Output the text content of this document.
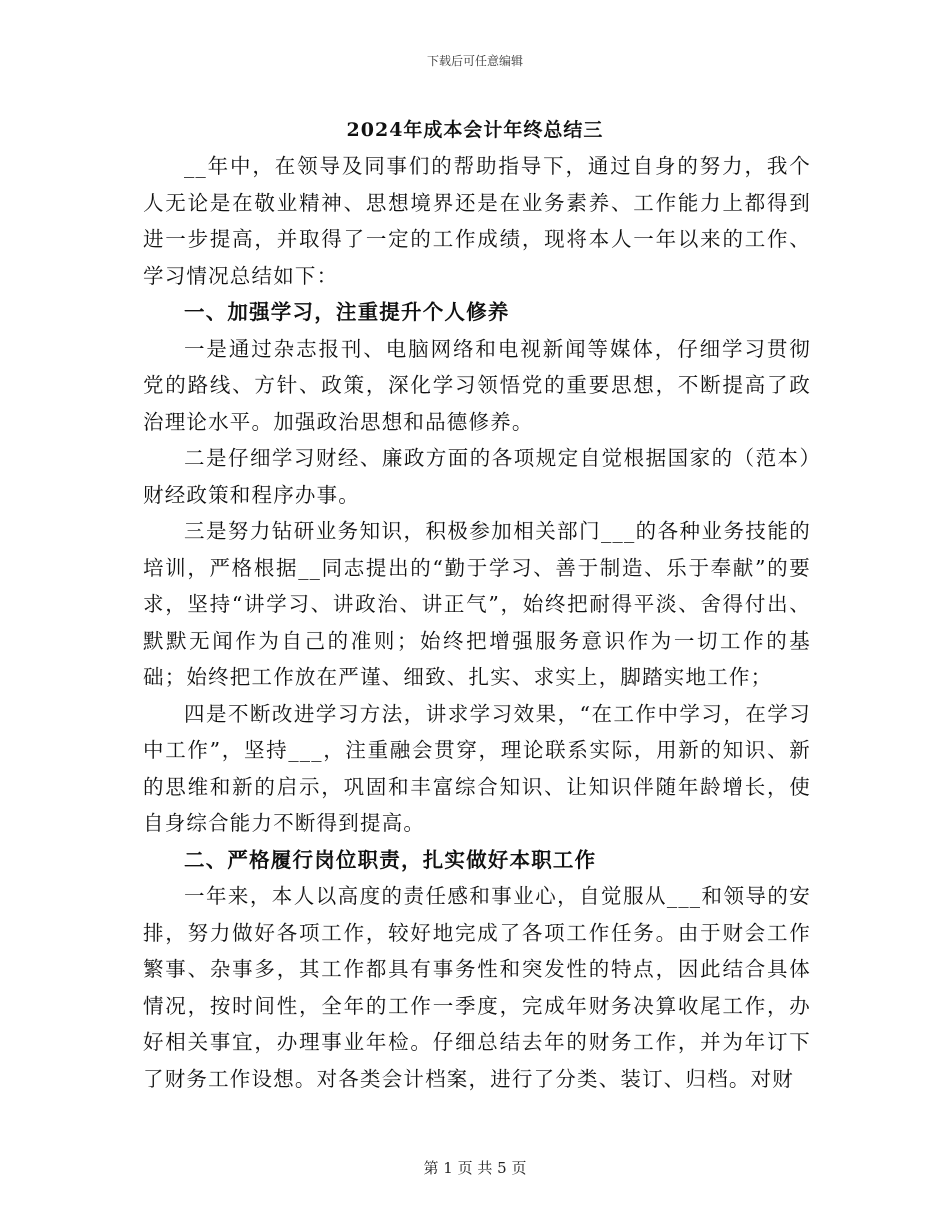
下载后可任意编辑
2024年成本会计年终总结三

__年中，在领导及同事们的帮助指导下，通过自身的努力，我个人无论是在敬业精神、思想境界还是在业务素养、工作能力上都得到进一步提高，并取得了一定的工作成绩，现将本人一年以来的工作、学习情况总结如下：

一、加强学习，注重提升个人修养

一是通过杂志报刊、电脑网络和电视新闻等媒体，仔细学习贯彻党的路线、方针、政策，深化学习领悟党的重要思想，不断提高了政治理论水平。加强政治思想和品德修养。

二是仔细学习财经、廉政方面的各项规定自觉根据国家的（范本）财经政策和程序办事。

三是努力钻研业务知识，积极参加相关部门___的各种业务技能的培训，严格根据__同志提出的“勤于学习、善于制造、乐于奉献”的要求，坚持“讲学习、讲政治、讲正气”，始终把耐得平淡、舍得付出、默默无闻作为自己的准则；始终把增强服务意识作为一切工作的基础；始终把工作放在严谨、细致、扎实、求实上，脚踏实地工作；

四是不断改进学习方法，讲求学习效果，“在工作中学习，在学习中工作”，坚持___，注重融会贯穿，理论联系实际，用新的知识、新的思维和新的启示，巩固和丰富综合知识、让知识伴随年龄增长，使自身综合能力不断得到提高。

二、严格履行岗位职责，扎实做好本职工作

一年来，本人以高度的责任感和事业心，自觉服从___和领导的安排，努力做好各项工作，较好地完成了各项工作任务。由于财会工作繁事、杂事多，其工作都具有事务性和突发性的特点，因此结合具体情况，按时间性，全年的工作一季度，完成年财务决算收尾工作，办好相关事宜，办理事业年检。仔细总结去年的财务工作，并为年订下了财务工作设想。对各类会计档案，进行了分类、装订、归档。对财

第 1 页 共 5 页
